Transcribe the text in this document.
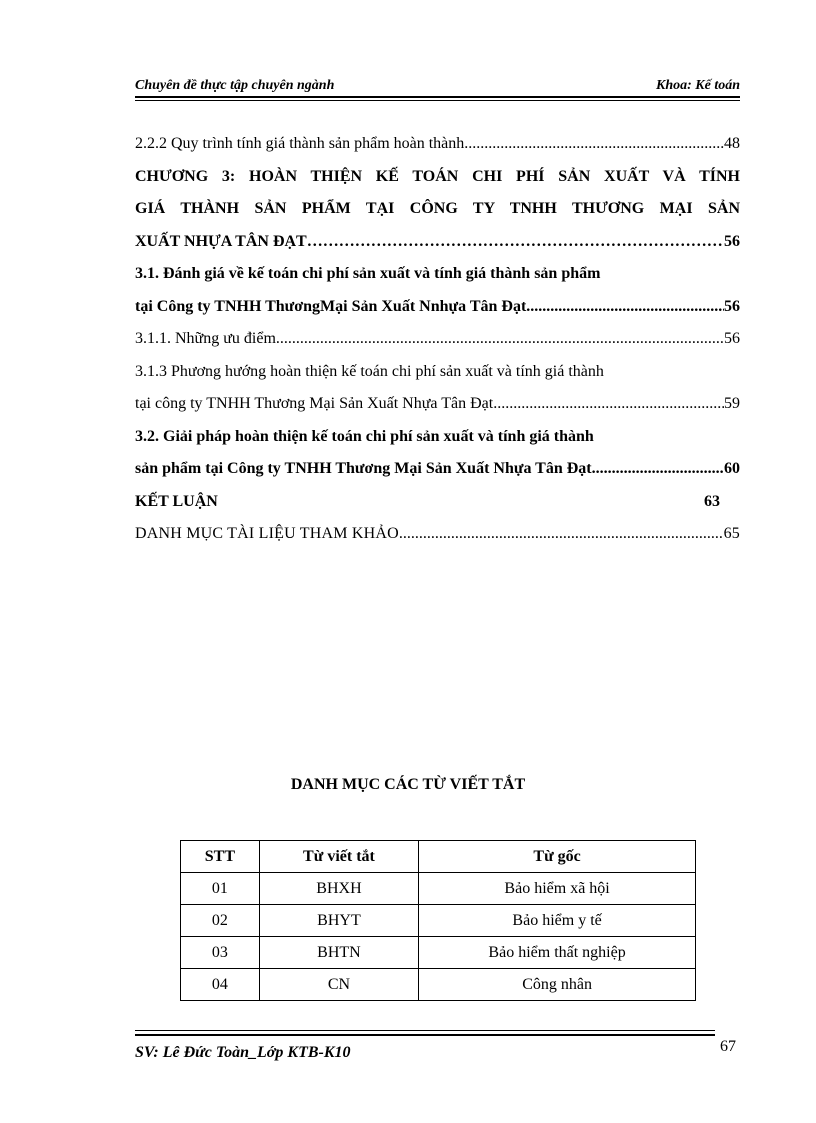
Chuyên đề thực tập chuyên ngành	Khoa: Kế toán
2.2.2 Quy trình tính giá thành sản phẩm hoàn thành .....	48
CHƯƠNG 3: HOÀN THIỆN KẾ TOÁN CHI PHÍ SẢN XUẤT VÀ TÍNH
GIÁ THÀNH SẢN PHẨM TẠI CÔNG TY TNHH THƯƠNG MẠI SẢN
XUẤT NHỰA TÂN ĐẠT …………………………………………………………………………………………………	56
3.1. Đánh giá về kế toán chi phí sản xuất và tính giá thành sản phẩm
tại Công ty TNHH ThươngMại Sản Xuất Nnhựa Tân Đạt .....	56
3.1.1. Những ưu điểm .....	56
3.1.3 Phương hướng hoàn thiện kế toán chi phí sản xuất và tính giá thành
tại công ty TNHH Thương Mại Sản Xuất Nhựa Tân Đạt .....	59
3.2. Giải pháp hoàn thiện kế toán chi phí sản xuất và tính giá thành
sản phẩm tại Công ty TNHH Thương Mại Sản Xuất Nhựa Tân Đạt .....	60
KẾT LUẬN	63
DANH MỤC TÀI LIỆU THAM KHẢO .....	65
DANH MỤC CÁC TỪ VIẾT TẮT
STT	Từ viết tắt	Từ gốc
01	BHXH	Bảo hiểm xã hội
02	BHYT	Bảo hiểm y tế
03	BHTN	Bảo hiểm thất nghiệp
04	CN	Công nhân
SV: Lê Đức Toàn_Lớp KTB-K10	67
